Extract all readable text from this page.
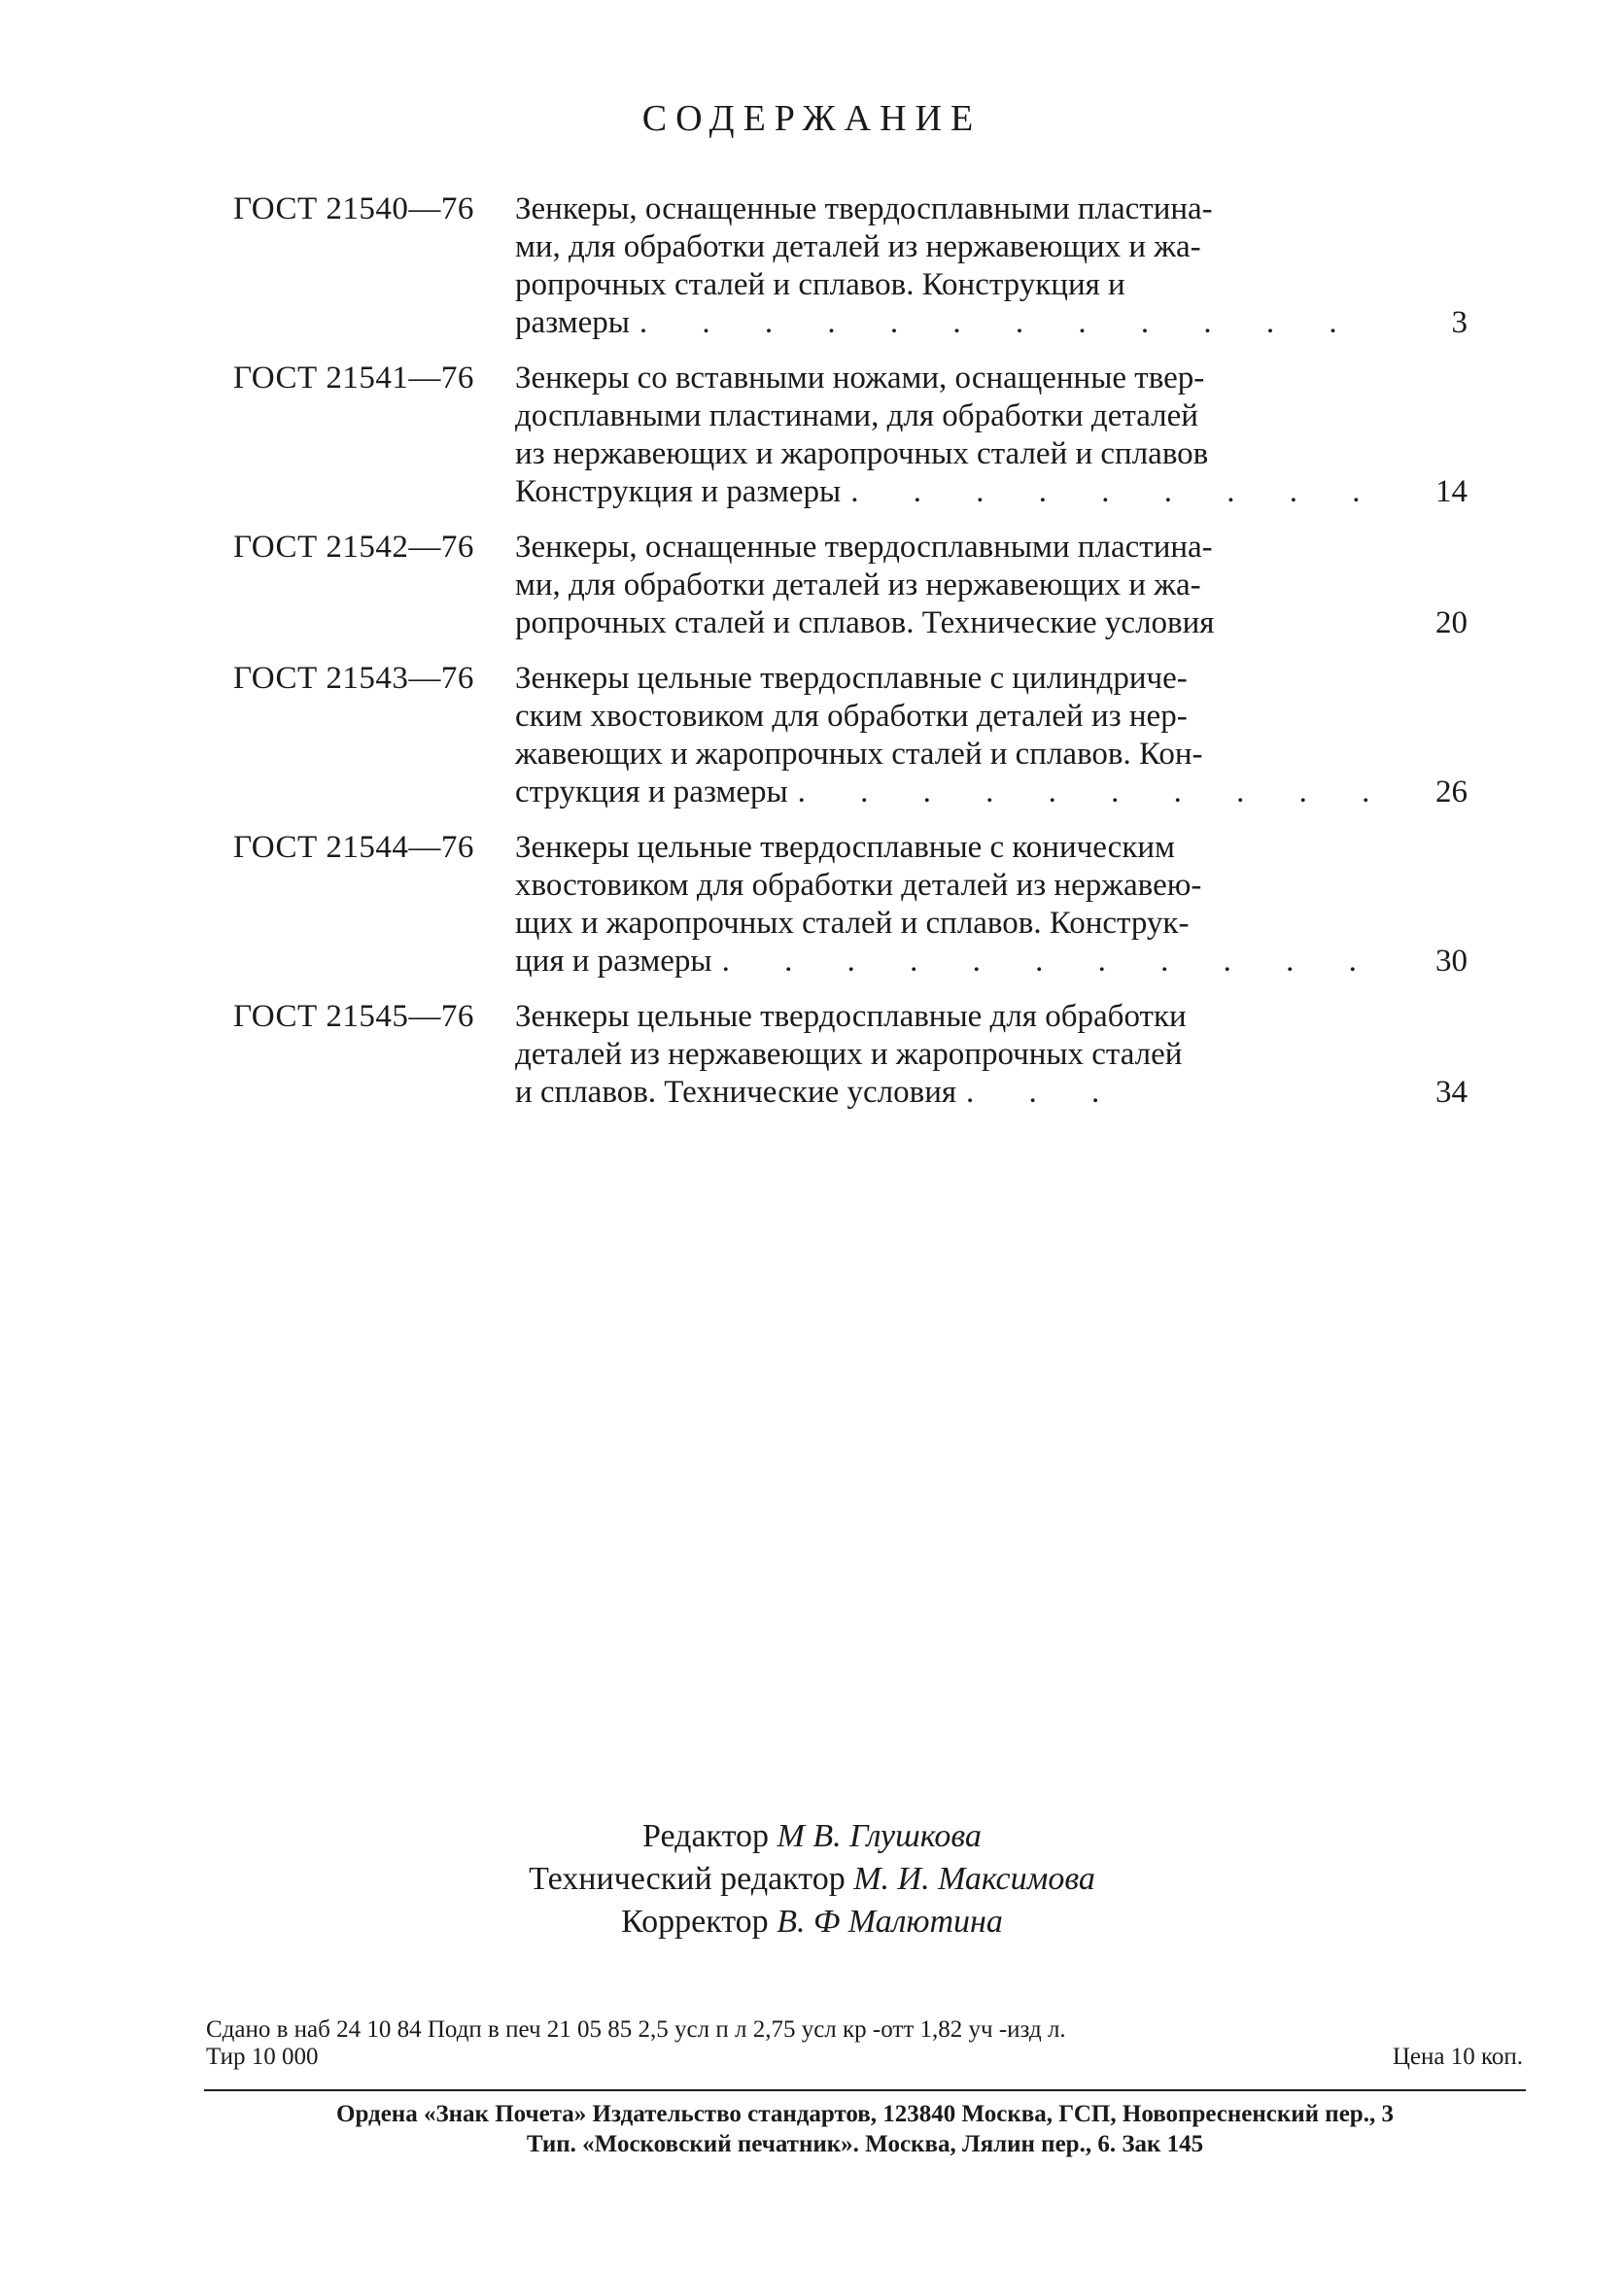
СОДЕРЖАНИЕ
ГОСТ 21540—76	Зенкеры, оснащенные твердосплавными пластина-
ми, для обработки деталей из нержавеющих и жа-
ропрочных сталей и сплавов. Конструкция и
размеры . . .	3
ГОСТ 21541—76	Зенкеры со вставными ножами, оснащенные твер-
досплавными пластинами, для обработки деталей
из нержавеющих и жаропрочных сталей и сплавов
Конструкция и размеры . . .	14
ГОСТ 21542—76	Зенкеры, оснащенные твердосплавными пластина-
ми, для обработки деталей из нержавеющих и жа-
ропрочных сталей и сплавов. Технические условия	20
ГОСТ 21543—76	Зенкеры цельные твердосплавные с цилиндриче-
ским хвостовиком для обработки деталей из нер-
жавеющих и жаропрочных сталей и сплавов. Кон-
струкция и размеры . . .	26
ГОСТ 21544—76	Зенкеры цельные твердосплавные с коническим
хвостовиком для обработки деталей из нержавею-
щих и жаропрочных сталей и сплавов. Конструк-
ция и размеры . . .	30
ГОСТ 21545—76	Зенкеры цельные твердосплавные для обработки
деталей из нержавеющих и жаропрочных сталей
и сплавов. Технические условия . . .	34
Редактор М В. Глушкова
Технический редактор М. И. Максимова
Корректор В. Ф Малютина
Сдано в наб 24 10 84 Подп в печ 21 05 85 2,5 усл п л 2,75 усл кр -отт 1,82 уч -изд л.
Тир 10 000	Цена 10 коп.
Ордена «Знак Почета» Издательство стандартов, 123840 Москва, ГСП, Новопресненский пер., 3
Тип. «Московский печатник». Москва, Лялин пер., 6. Зак 145
